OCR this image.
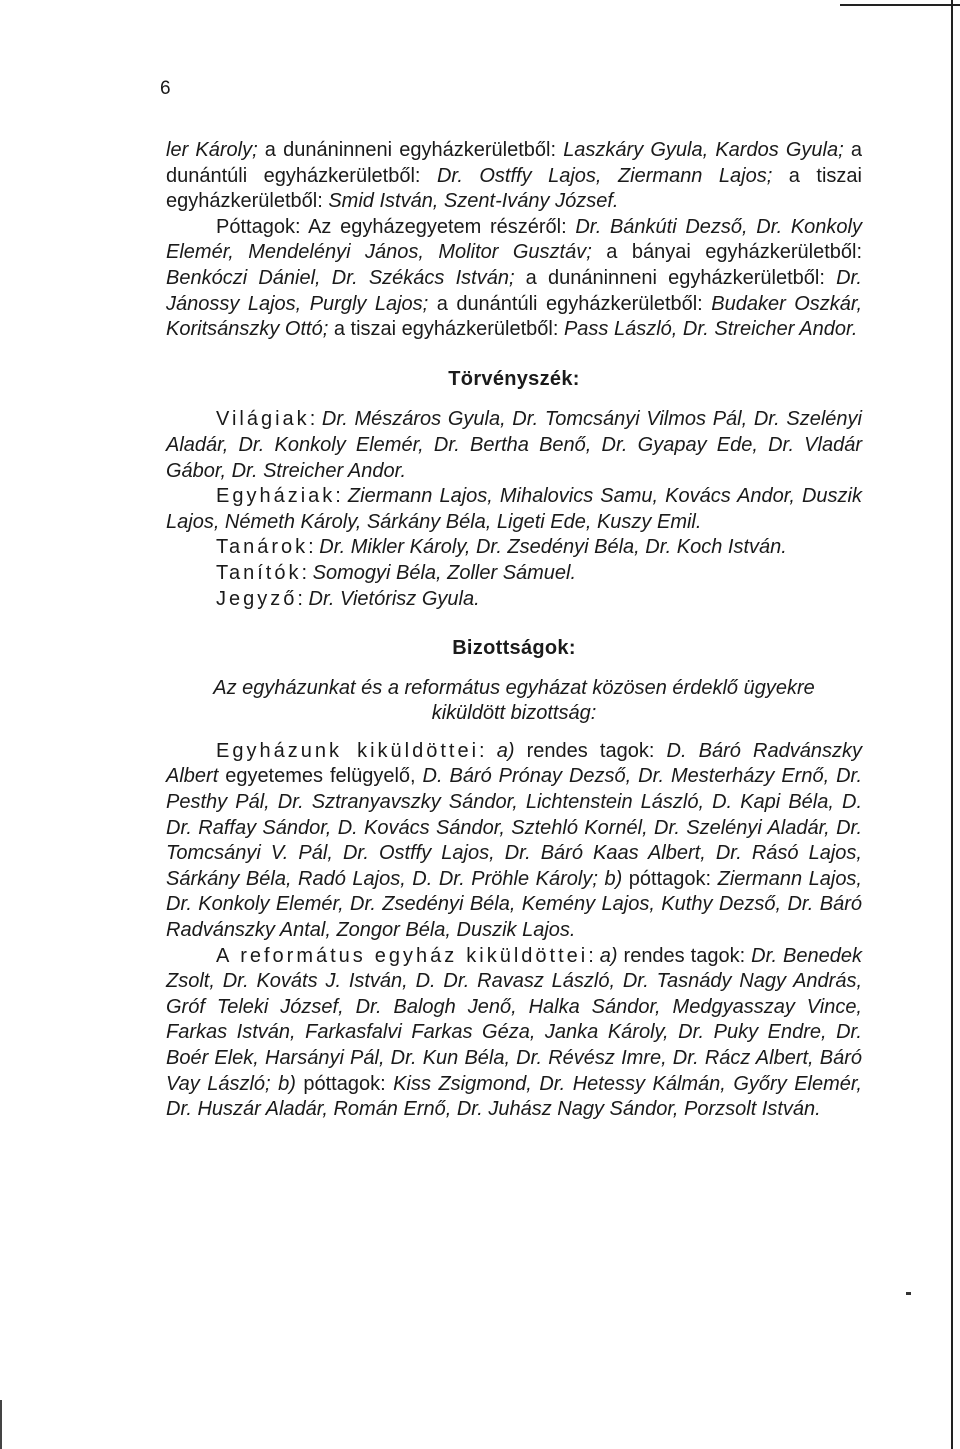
6

ler Károly; a dunáninneni egyházkerületből: Laszkáry Gyula, Kardos Gyula; a dunántúli egyházkerületből: Dr. Ostffy Lajos, Ziermann Lajos; a tiszai egyházkerületből: Smid István, Szent-Ivány József.

Póttagok: Az egyházegyetem részéről: Dr. Bánkúti Dezső, Dr. Konkoly Elemér, Mendelényi János, Molitor Gusztáv; a bányai egyházkerületből: Benkóczi Dániel, Dr. Székács István; a dunáninneni egyházkerületből: Dr. Jánossy Lajos, Purgly Lajos; a dunántúli egyházkerületből: Budaker Oszkár, Koritsánszky Ottó; a tiszai egyházkerületből: Pass László, Dr. Streicher Andor.

Törvényszék:

Világiak: Dr. Mészáros Gyula, Dr. Tomcsányi Vilmos Pál, Dr. Szelényi Aladár, Dr. Konkoly Elemér, Dr. Bertha Benő, Dr. Gyapay Ede, Dr. Vladár Gábor, Dr. Streicher Andor.

Egyháziak: Ziermann Lajos, Mihalovics Samu, Kovács Andor, Duszik Lajos, Németh Károly, Sárkány Béla, Ligeti Ede, Kuszy Emil.

Tanárok: Dr. Mikler Károly, Dr. Zsedényi Béla, Dr. Koch István.

Tanítók: Somogyi Béla, Zoller Sámuel.

Jegyző: Dr. Vietórisz Gyula.

Bizottságok:

Az egyházunkat és a református egyházat közösen érdeklő ügyekre kiküldött bizottság:

Egyházunk kiküldöttei: a) rendes tagok: D. Báró Radvánszky Albert egyetemes felügyelő, D. Báró Prónay Dezső, Dr. Mesterházy Ernő, Dr. Pesthy Pál, Dr. Sztranyavszky Sándor, Lichtenstein László, D. Kapi Béla, D. Dr. Raffay Sándor, D. Kovács Sándor, Sztehló Kornél, Dr. Szelényi Aladár, Dr. Tomcsányi V. Pál, Dr. Ostffy Lajos, Dr. Báró Kaas Albert, Dr. Rásó Lajos, Sárkány Béla, Radó Lajos, D. Dr. Pröhle Károly; b) póttagok: Ziermann Lajos, Dr. Konkoly Elemér, Dr. Zsedényi Béla, Kemény Lajos, Kuthy Dezső, Dr. Báró Radvánszky Antal, Zongor Béla, Duszik Lajos.

A református egyház kiküldöttei: a) rendes tagok: Dr. Benedek Zsolt, Dr. Kováts J. István, D. Dr. Ravasz László, Dr. Tasnády Nagy András, Gróf Teleki József, Dr. Balogh Jenő, Halka Sándor, Medgyasszay Vince, Farkas István, Farkasfalvi Farkas Géza, Janka Károly, Dr. Puky Endre, Dr. Boér Elek, Harsányi Pál, Dr. Kun Béla, Dr. Révész Imre, Dr. Rácz Albert, Báró Vay László; b) póttagok: Kiss Zsigmond, Dr. Hetessy Kálmán, Győry Elemér, Dr. Huszár Aladár, Román Ernő, Dr. Juhász Nagy Sándor, Porzsolt István.
